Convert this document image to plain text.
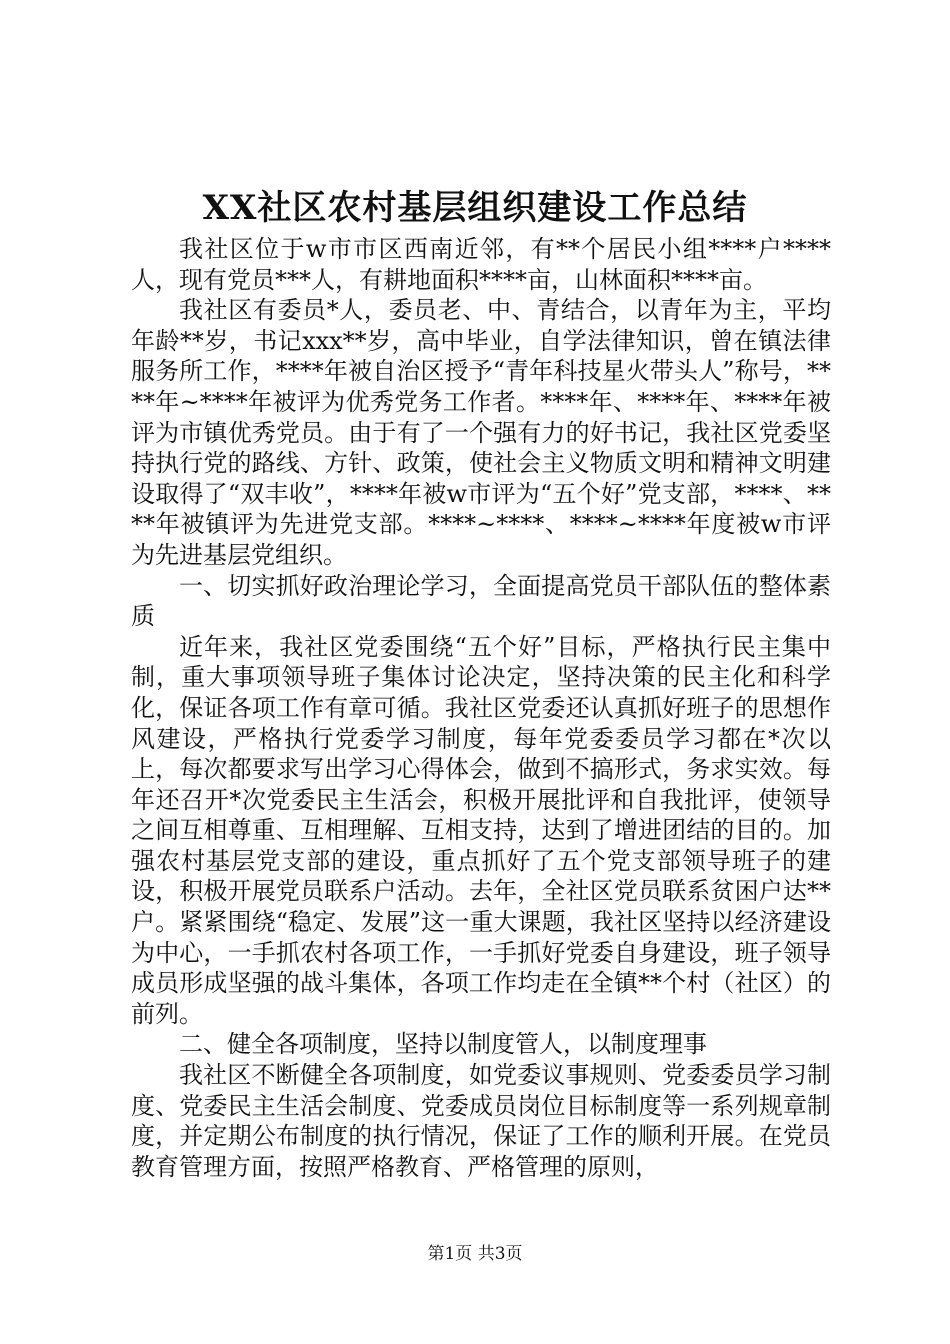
XX社区农村基层组织建设工作总结

我社区位于w市市区西南近邻，有**个居民小组****户****人，现有党员***人，有耕地面积****亩，山林面积****亩。

我社区有委员*人，委员老、中、青结合，以青年为主，平均年龄**岁，书记xxx**岁，高中毕业，自学法律知识，曾在镇法律服务所工作，****年被自治区授予“青年科技星火带头人”称号，****年~****年被评为优秀党务工作者。****年、****年、****年被评为市镇优秀党员。由于有了一个强有力的好书记，我社区党委坚持执行党的路线、方针、政策，使社会主义物质文明和精神文明建设取得了“双丰收”，****年被w市评为“五个好”党支部，****、****年被镇评为先进党支部。****~****、****~****年度被w市评为先进基层党组织。

一、切实抓好政治理论学习，全面提高党员干部队伍的整体素质

近年来，我社区党委围绕“五个好”目标，严格执行民主集中制，重大事项领导班子集体讨论决定，坚持决策的民主化和科学化，保证各项工作有章可循。我社区党委还认真抓好班子的思想作风建设，严格执行党委学习制度，每年党委委员学习都在*次以上，每次都要求写出学习心得体会，做到不搞形式，务求实效。每年还召开*次党委民主生活会，积极开展批评和自我批评，使领导之间互相尊重、互相理解、互相支持，达到了增进团结的目的。加强农村基层党支部的建设，重点抓好了五个党支部领导班子的建设，积极开展党员联系户活动。去年，全社区党员联系贫困户达**户。紧紧围绕“稳定、发展”这一重大课题，我社区坚持以经济建设为中心，一手抓农村各项工作，一手抓好党委自身建设，班子领导成员形成坚强的战斗集体，各项工作均走在全镇**个村（社区）的前列。

二、健全各项制度，坚持以制度管人，以制度理事

我社区不断健全各项制度，如党委议事规则、党委委员学习制度、党委民主生活会制度、党委成员岗位目标制度等一系列规章制度，并定期公布制度的执行情况，保证了工作的顺利开展。在党员教育管理方面，按照严格教育、严格管理的原则，

第1页 共3页
